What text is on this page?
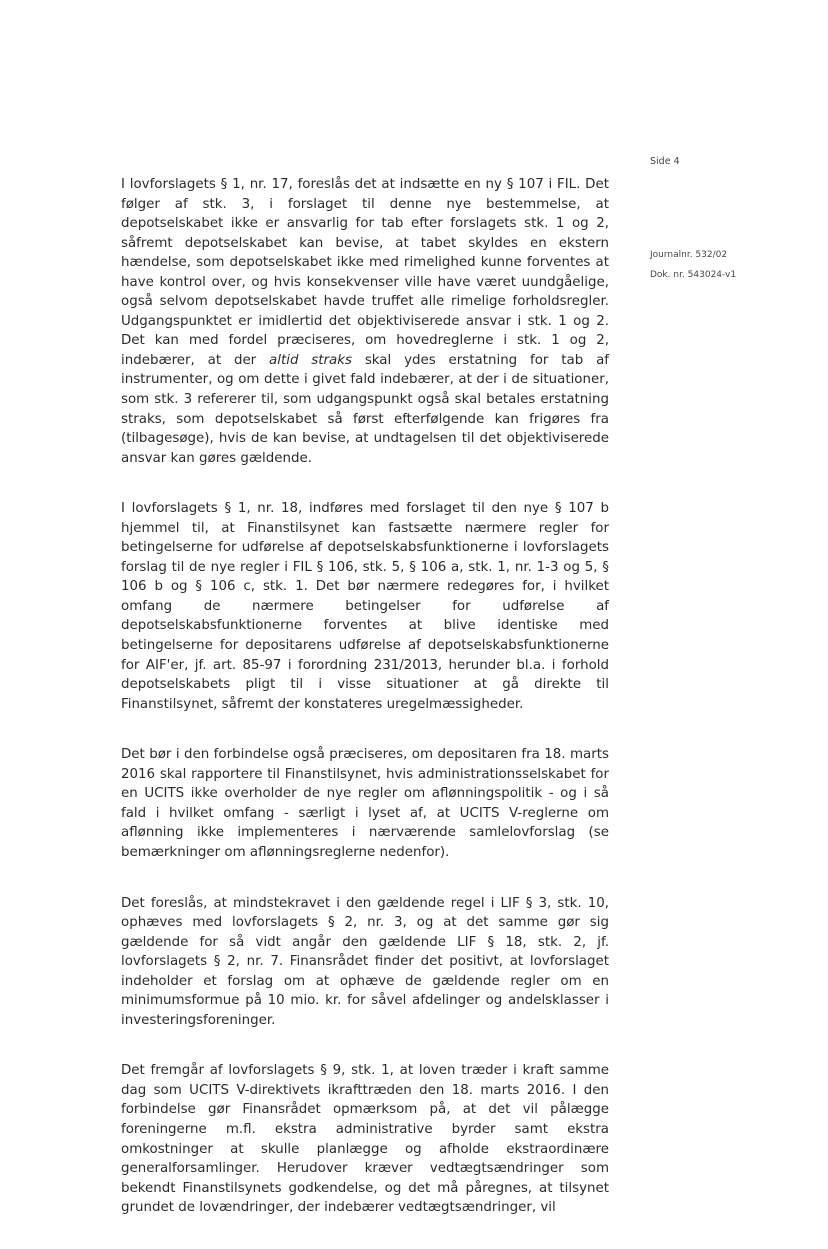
Side 4
Journalnr. 532/02
Dok. nr. 543024-v1

I lovforslagets § 1, nr. 17, foreslås det at indsætte en ny § 107 i FIL. Det følger af stk. 3, i forslaget til denne nye bestemmelse, at depotselskabet ikke er ansvarlig for tab efter forslagets stk. 1 og 2, såfremt depotselskabet kan bevise, at tabet skyldes en ekstern hændelse, som depotselskabet ikke med rimelighed kunne forventes at have kontrol over, og hvis konsekvenser ville have været uundgåelige, også selvom depotselskabet havde truffet alle rimelige forholdsregler. Udgangspunktet er imidlertid det objektiviserede ansvar i stk. 1 og 2. Det kan med fordel præciseres, om hovedreglerne i stk. 1 og 2, indebærer, at der altid straks skal ydes erstatning for tab af instrumenter, og om dette i givet fald indebærer, at der i de situationer, som stk. 3 refererer til, som udgangspunkt også skal betales erstatning straks, som depotselskabet så først efterfølgende kan frigøres fra (tilbagesøge), hvis de kan bevise, at undtagelsen til det objektiviserede ansvar kan gøres gældende.

I lovforslagets § 1, nr. 18, indføres med forslaget til den nye § 107 b hjemmel til, at Finanstilsynet kan fastsætte nærmere regler for betingelserne for udførelse af depotselskabsfunktionerne i lovforslagets forslag til de nye regler i FIL § 106, stk. 5, § 106 a, stk. 1, nr. 1-3 og 5, § 106 b og § 106 c, stk. 1. Det bør nærmere redegøres for, i hvilket omfang de nærmere betingelser for udførelse af depotselskabsfunktionerne forventes at blive identiske med betingelserne for depositarens udførelse af depotselskabsfunktionerne for AIF'er, jf. art. 85-97 i forordning 231/2013, herunder bl.a. i forhold depotselskabets pligt til i visse situationer at gå direkte til Finanstilsynet, såfremt der konstateres uregelmæssigheder.

Det bør i den forbindelse også præciseres, om depositaren fra 18. marts 2016 skal rapportere til Finanstilsynet, hvis administrationsselskabet for en UCITS ikke overholder de nye regler om aflønningspolitik - og i så fald i hvilket omfang - særligt i lyset af, at UCITS V-reglerne om aflønning ikke implementeres i nærværende samlelovforslag (se bemærkninger om aflønningsreglerne nedenfor).

Det foreslås, at mindstekravet i den gældende regel i LIF § 3, stk. 10, ophæves med lovforslagets § 2, nr. 3, og at det samme gør sig gældende for så vidt angår den gældende LIF § 18, stk. 2, jf. lovforslagets § 2, nr. 7. Finansrådet finder det positivt, at lovforslaget indeholder et forslag om at ophæve de gældende regler om en minimumsformue på 10 mio. kr. for såvel afdelinger og andelsklasser i investeringsforeninger.

Det fremgår af lovforslagets § 9, stk. 1, at loven træder i kraft samme dag som UCITS V-direktivets ikrafttræden den 18. marts 2016. I den forbindelse gør Finansrådet opmærksom på, at det vil pålægge foreningerne m.fl. ekstra administrative byrder samt ekstra omkostninger at skulle planlægge og afholde ekstraordinære generalforsamlinger. Herudover kræver vedtægtsændringer som bekendt Finanstilsynets godkendelse, og det må påregnes, at tilsynet grundet de lovændringer, der indebærer vedtægtsændringer, vil
